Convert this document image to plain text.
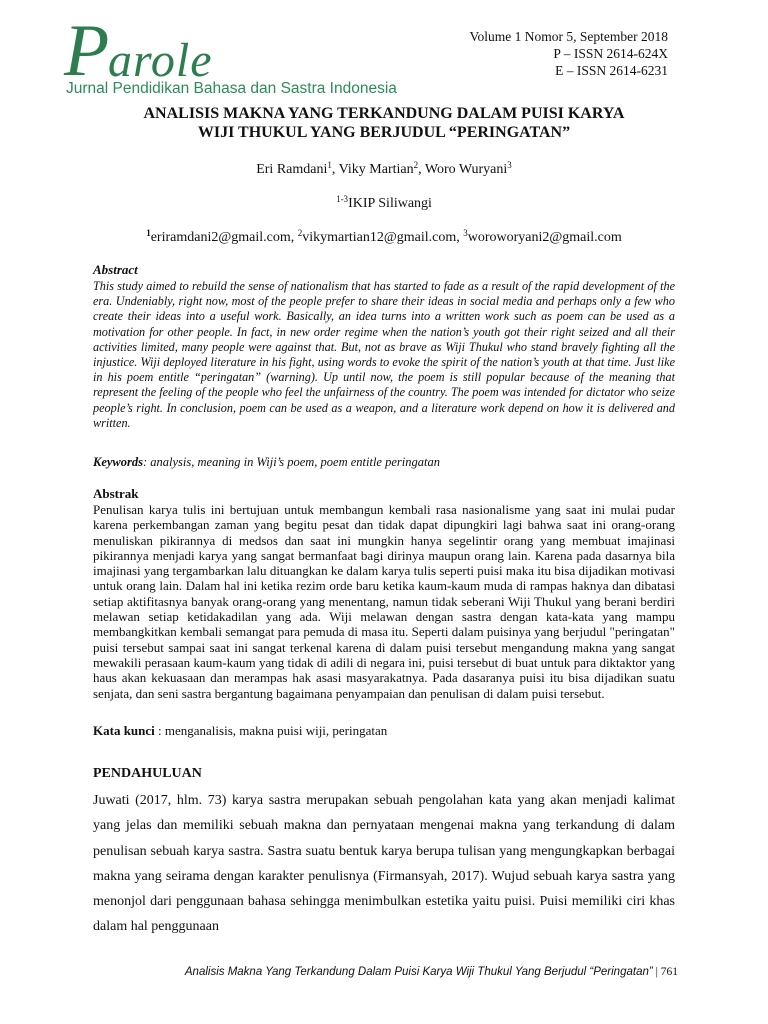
P
arole
Jurnal Pendidikan Bahasa dan Sastra Indonesia
Volume 1 Nomor 5, September 2018
P – ISSN 2614-624X
E – ISSN 2614-6231
ANALISIS MAKNA YANG TERKANDUNG DALAM PUISI KARYA
WIJI THUKUL YANG BERJUDUL “PERINGATAN”
Eri Ramdani$^1$, Viky Martian$^2$, Woro Wuryani$^3$
$^{1-3}$IKIP Siliwangi
$^1$eriramdani2@gmail.com, $^2$vikymartian12@gmail.com, $^3$woroworyani2@gmail.com
Abstract
This study aimed to rebuild the sense of nationalism that has started to fade as a result of the rapid development of the era. Undeniably, right now, most of the people prefer to share their ideas in social media and perhaps only a few who create their ideas into a useful work. Basically, an idea turns into a written work such as poem can be used as a motivation for other people. In fact, in new order regime when the nation’s youth got their right seized and all their activities limited, many people were against that. But, not as brave as Wiji Thukul who stand bravely fighting all the injustice. Wiji deployed literature in his fight, using words to evoke the spirit of the nation’s youth at that time. Just like in his poem entitle “peringatan” (warning). Up until now, the poem is still popular because of the meaning that represent the feeling of the people who feel the unfairness of the country. The poem was intended for dictator who seize people’s right. In conclusion, poem can be used as a weapon, and a literature work depend on how it is delivered and written.
Keywords: analysis, meaning in Wiji’s poem, poem entitle peringatan
Abstrak
Penulisan karya tulis ini bertujuan untuk membangun kembali rasa nasionalisme yang saat ini mulai pudar karena perkembangan zaman yang begitu pesat dan tidak dapat dipungkiri lagi bahwa saat ini orang-orang menuliskan pikirannya di medsos dan saat ini mungkin hanya segelintir orang yang membuat imajinasi pikirannya menjadi karya yang sangat bermanfaat bagi dirinya maupun orang lain. Karena pada dasarnya bila imajinasi yang tergambarkan lalu dituangkan ke dalam karya tulis seperti puisi maka itu bisa dijadikan motivasi untuk orang lain. Dalam hal ini ketika rezim orde baru ketika kaum-kaum muda di rampas haknya dan dibatasi setiap aktifitasnya banyak orang-orang yang menentang, namun tidak seberani Wiji Thukul yang berani berdiri melawan setiap ketidakadilan yang ada. Wiji melawan dengan sastra dengan kata-kata yang mampu membangkitkan kembali semangat para pemuda di masa itu. Seperti dalam puisinya yang berjudul "peringatan" puisi tersebut sampai saat ini sangat terkenal karena di dalam puisi tersebut mengandung makna yang sangat mewakili perasaan kaum-kaum yang tidak di adili di negara ini, puisi tersebut di buat untuk para diktaktor yang haus akan kekuasaan dan merampas hak asasi masyarakatnya. Pada dasaranya puisi itu bisa dijadikan suatu senjata, dan seni sastra bergantung bagaimana penyampaian dan penulisan di dalam puisi tersebut.
Kata kunci : menganalisis, makna puisi wiji, peringatan
PENDAHULUAN
Juwati (2017, hlm. 73) karya sastra merupakan sebuah pengolahan kata yang akan menjadi kalimat yang jelas dan memiliki sebuah makna dan pernyataan mengenai makna yang terkandung di dalam penulisan sebuah karya sastra. Sastra suatu bentuk karya berupa tulisan yang mengungkapkan berbagai makna yang seirama dengan karakter penulisnya (Firmansyah, 2017). Wujud sebuah karya sastra yang menonjol dari penggunaan bahasa sehingga menimbulkan estetika yaitu puisi. Puisi memiliki ciri khas dalam hal penggunaan
Analisis Makna Yang Terkandung Dalam Puisi Karya Wiji Thukul Yang Berjudul “Peringatan” | 761
